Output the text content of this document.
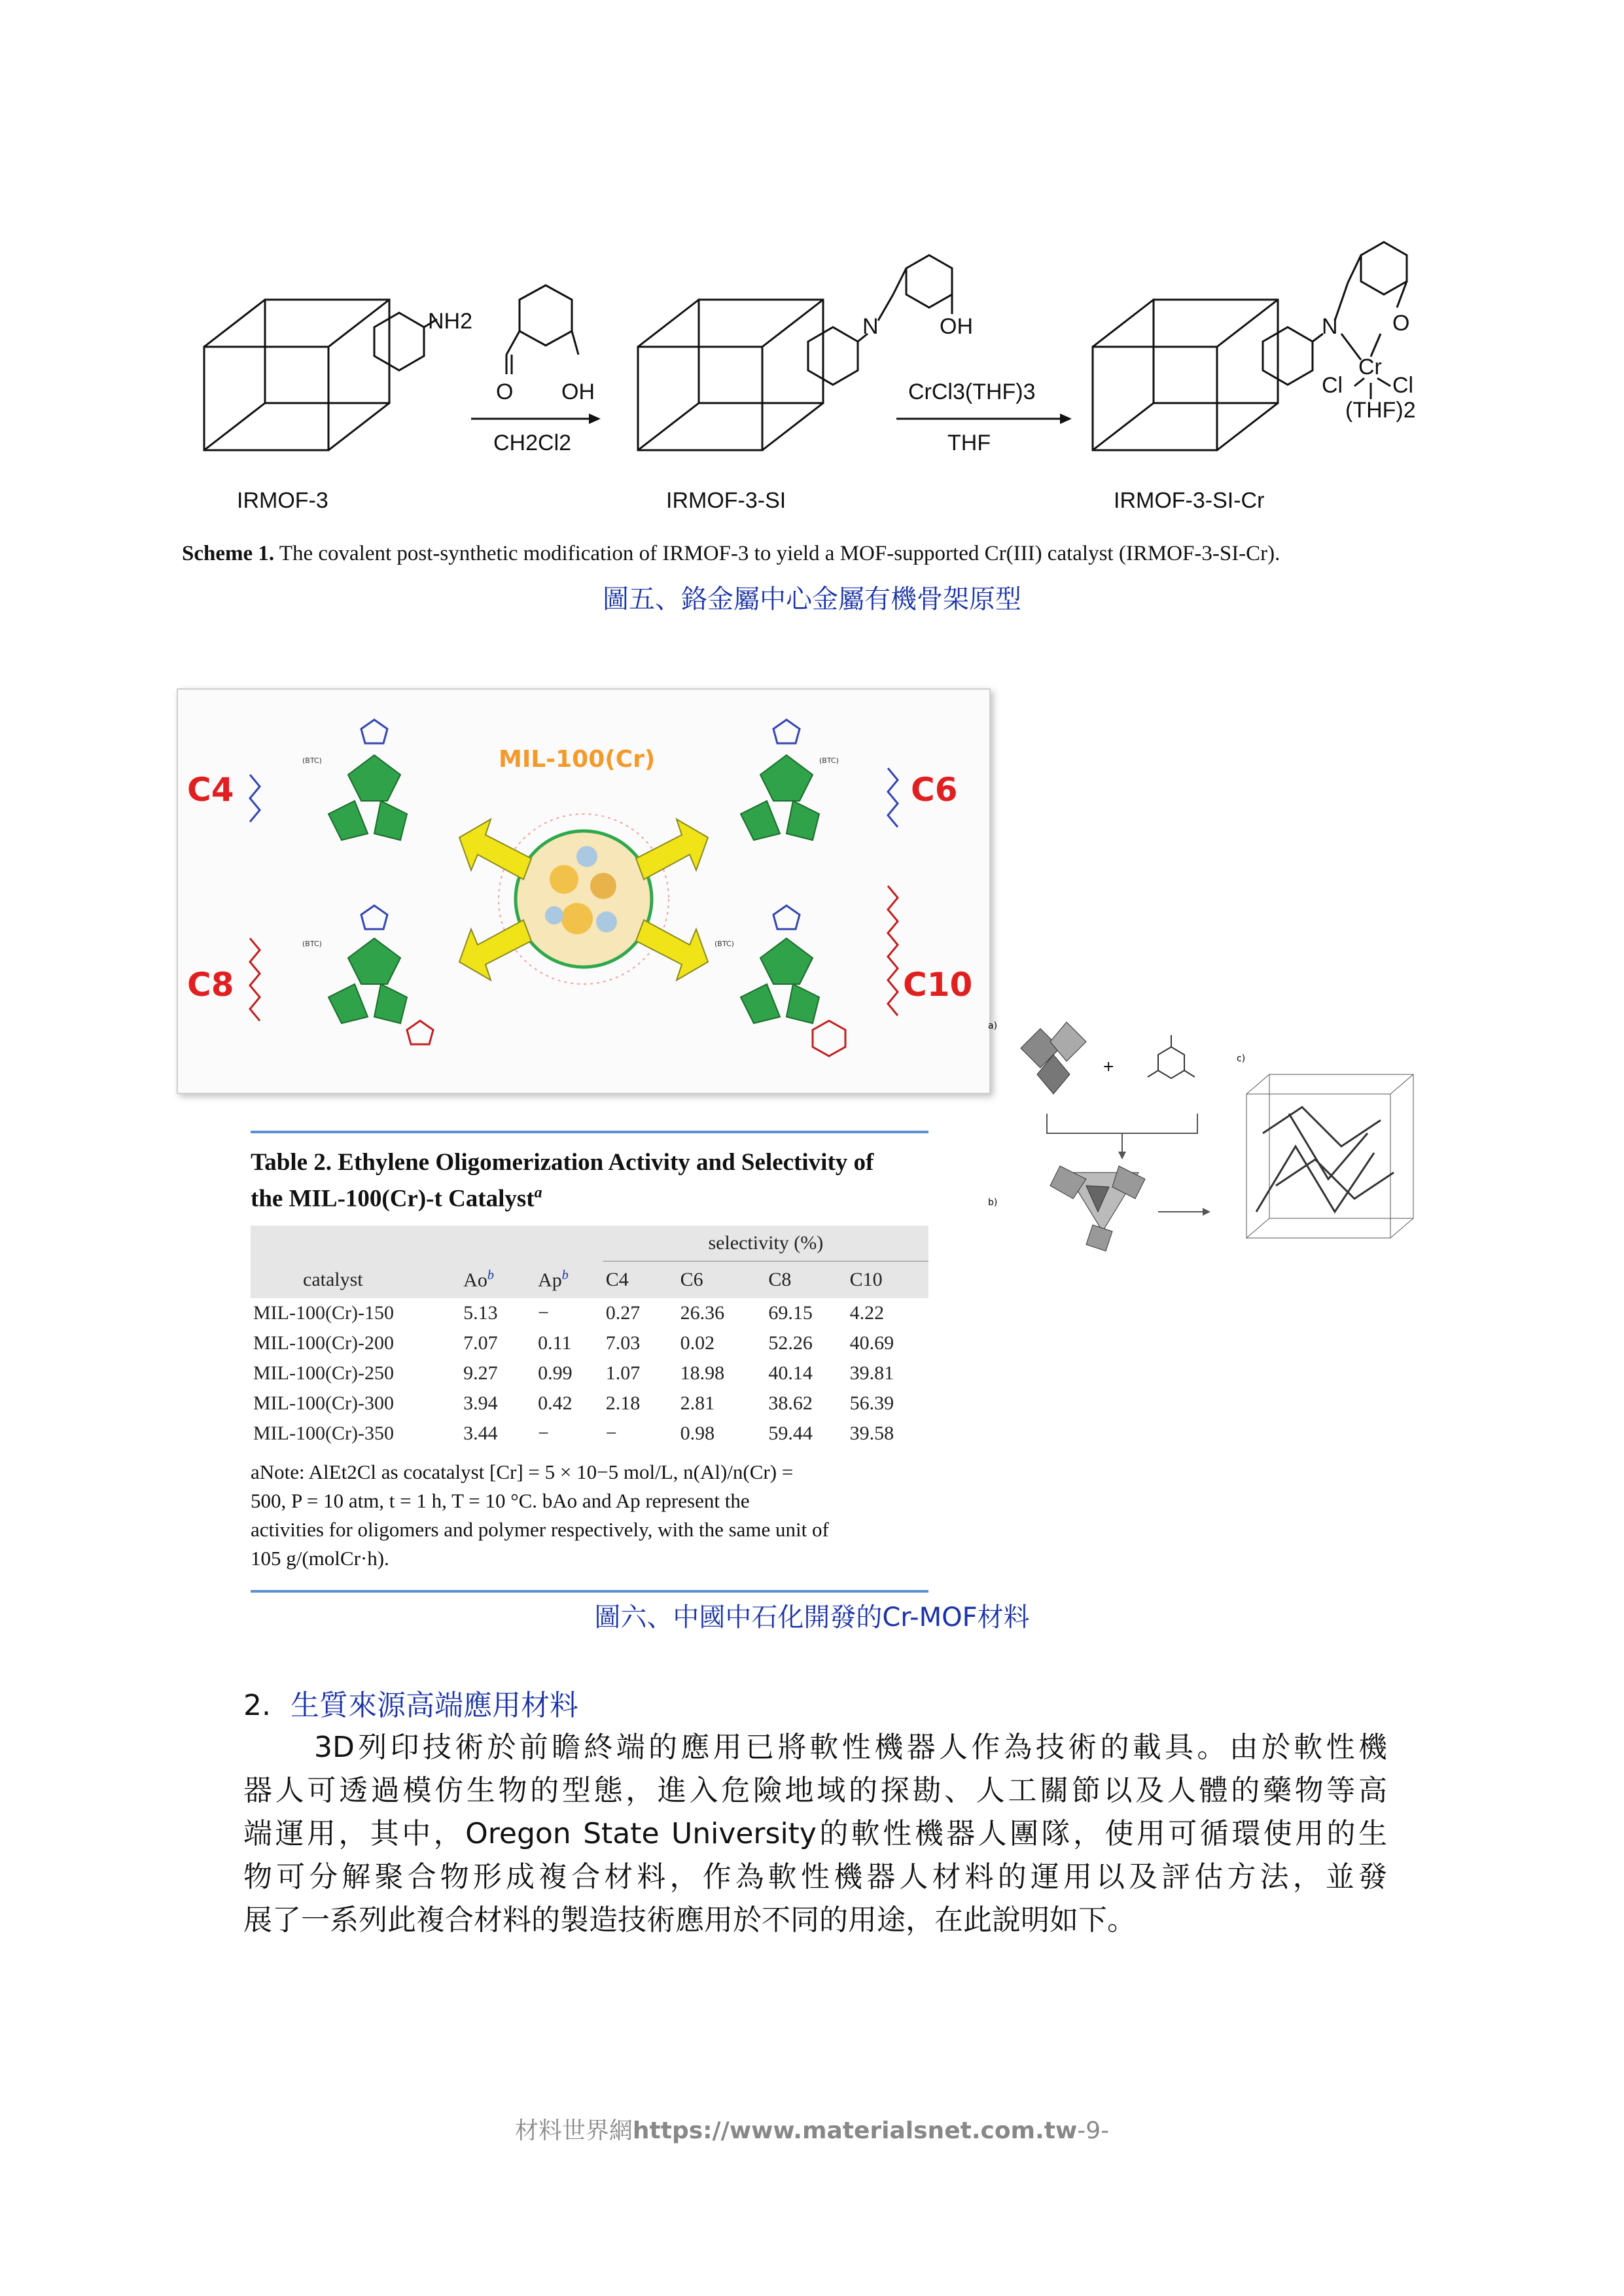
NH2
O OH
CH2Cl2
N	OH
CrCl3(THF)3
THF
N O
Cr
Cl Cl
(THF)2
IRMOF-3	IRMOF-3-SI	IRMOF-3-SI-Cr
Scheme 1. The covalent post-synthetic modification of IRMOF-3 to yield a MOF-supported Cr(III) catalyst (IRMOF-3-SI-Cr).
圖五、鉻金屬中心金屬有機骨架原型
MIL-100(Cr)
C4	C6
C8	C10
(BTC)	(BTC)
(BTC)	(BTC)
Table 2. Ethylene Oligomerization Activity and Selectivity of
the MIL-100(Cr)-t Catalyst$^a$
			selectivity (%)			
catalyst	Ao$^b$	Ap$^b$	C4	C6	C8	C10
MIL-100(Cr)-150	5.13	−	0.27	26.36	69.15	4.22
MIL-100(Cr)-200	7.07	0.11	7.03	0.02	52.26	40.69
MIL-100(Cr)-250	9.27	0.99	1.07	18.98	40.14	39.81
MIL-100(Cr)-300	3.94	0.42	2.18	2.81	38.62	56.39
MIL-100(Cr)-350	3.44	−	−	0.98	59.44	39.58
aNote: AlEt2Cl as cocatalyst [Cr] = 5 × 10−5 mol/L, n(Al)/n(Cr) =
500, P = 10 atm, t = 1 h, T = 10 °C. bAo and Ap represent the
activities for oligomers and polymer respectively, with the same unit of
105 g/(molCr·h).
a)
b)
c)
+
圖六、中國中石化開發的Cr-MOF材料
2. 生質來源高端應用材料
3D列印技術於前瞻終端的應用已將軟性機器人作為技術的載具。由於軟性機
器人可透過模仿生物的型態，進入危險地域的探勘、人工關節以及人體的藥物等高
端運用，其中，Oregon State University的軟性機器人團隊，使用可循環使用的生
物可分解聚合物形成複合材料，作為軟性機器人材料的運用以及評估方法，並發
展了一系列此複合材料的製造技術應用於不同的用途，在此說明如下。
材料世界網https://www.materialsnet.com.tw-9-
